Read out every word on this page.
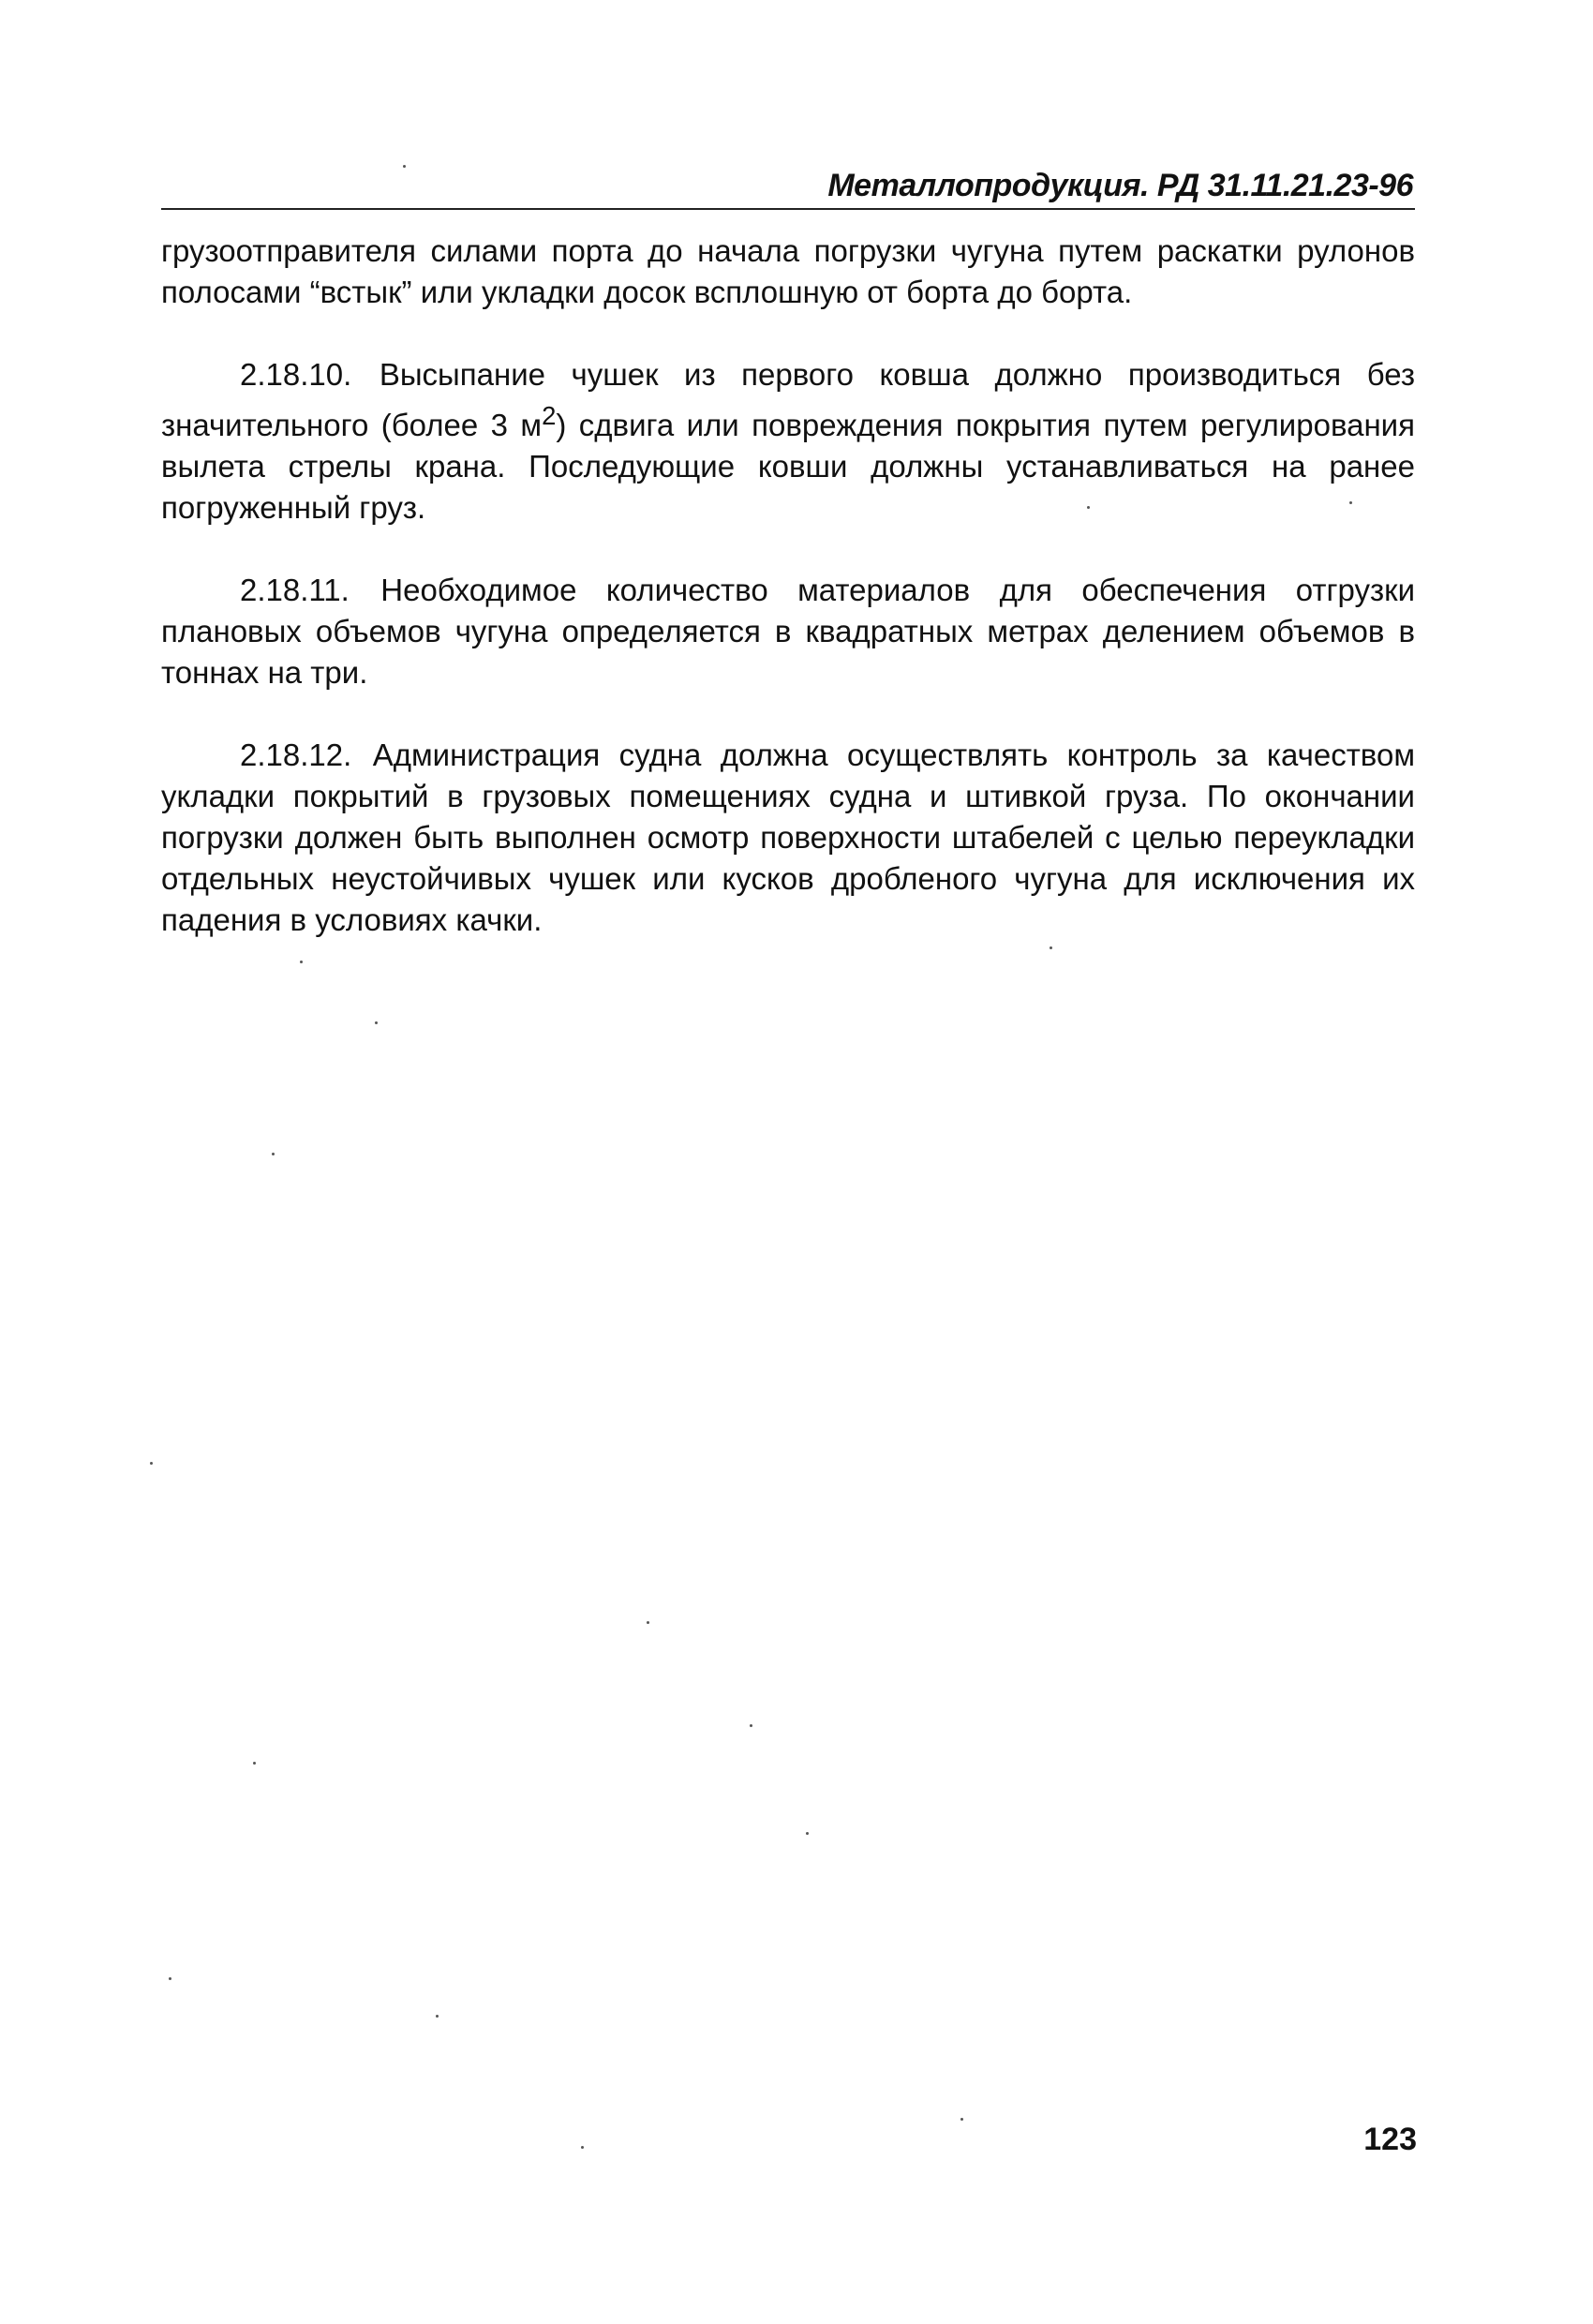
Металлопродукция. РД 31.11.21.23-96

грузоотправителя силами порта до начала погрузки чугуна путем раскатки рулонов полосами “встык” или укладки досок всплошную от борта до борта.

2.18.10. Высыпание чушек из первого ковша должно производиться без значительного (более 3 $м^2$) сдвига или повреждения покрытия путем регулирования вылета стрелы крана. Последующие ковши должны устанавливаться на ранее погруженный груз.

2.18.11. Необходимое количество материалов для обеспечения отгрузки плановых объемов чугуна определяется в квадратных метрах делением объемов в тоннах на три.

2.18.12. Администрация судна должна осуществлять контроль за качеством укладки покрытий в грузовых помещениях судна и штивкой груза. По окончании погрузки должен быть выполнен осмотр поверхности штабелей с целью переукладки отдельных неустойчивых чушек или кусков дробленого чугуна для исключения их падения в условиях качки.

123
